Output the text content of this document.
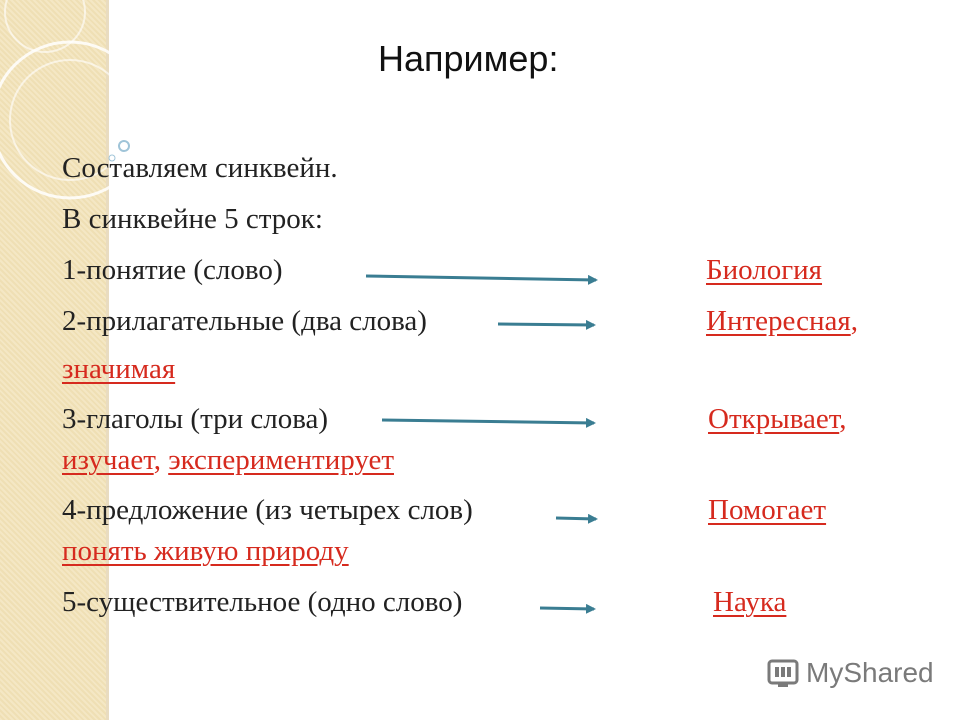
Например:
Составляем синквейн.
В синквейне 5 строк:
1-понятие (слово)	Биология
2-прилагательные (два слова)	Интересная,
значимая
3-глаголы (три слова)	Открывает,
изучает, экспериментирует
4-предложение (из четырех слов)	Помогает
понять живую природу
5-существительное (одно слово)	Наука
MyShared
